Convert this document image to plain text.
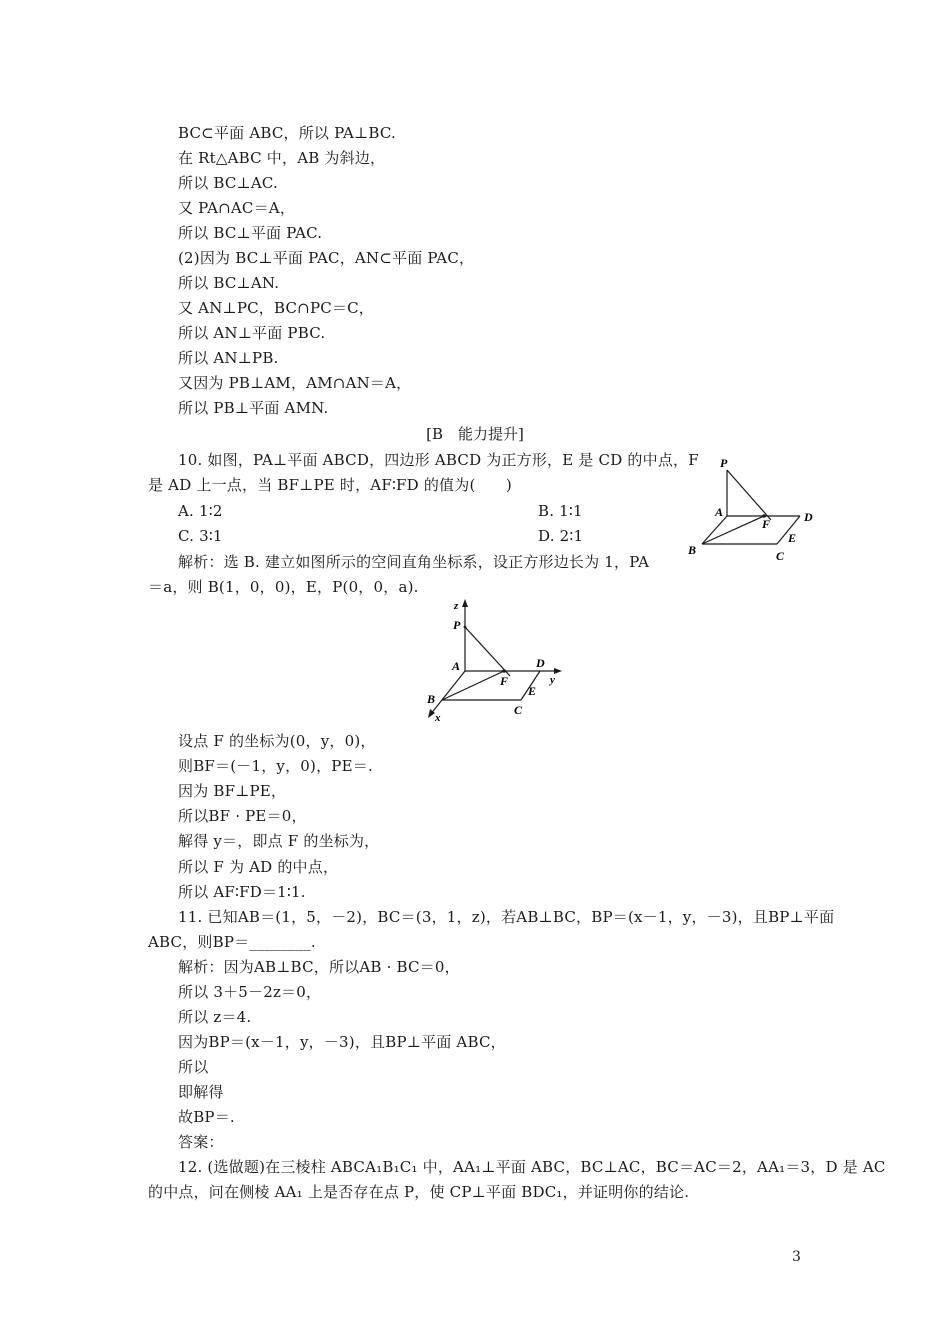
BC⊂平面 ABC，所以 PA⊥BC.
在 Rt△ABC 中，AB 为斜边，
所以 BC⊥AC.
又 PA∩AC＝A，
所以 BC⊥平面 PAC.
(2)因为 BC⊥平面 PAC，AN⊂平面 PAC，
所以 BC⊥AN.
又 AN⊥PC，BC∩PC＝C，
所以 AN⊥平面 PBC.
所以 AN⊥PB.
又因为 PB⊥AM，AM∩AN＝A，
所以 PB⊥平面 AMN.
[B　能力提升]
10. 如图，PA⊥平面 ABCD，四边形 ABCD 为正方形，E 是 CD 的中点，F
是 AD 上一点，当 BF⊥PE 时，AF∶FD 的值为(　　)
A. 1∶2	B. 1∶1
C. 3∶1	D. 2∶1
解析：选 B. 建立如图所示的空间直角坐标系，设正方形边长为 1，PA
＝a，则 B(1，0，0)，E，P(0，0，a).
P
A
F	D
E
B	C
z
P
A	D
y
F
E
B
C
x
设点 F 的坐标为(0，y，0)，
则BF＝(－1，y，0)，PE＝.
因为 BF⊥PE，
所以BF · PE＝0，
解得 y＝，即点 F 的坐标为，
所以 F 为 AD 的中点，
所以 AF∶FD＝1∶1.
11. 已知AB＝(1，5，－2)，BC＝(3，1，z)，若AB⊥BC，BP＝(x－1，y，－3)，且BP⊥平面
ABC，则BP＝________.
解析：因为AB⊥BC，所以AB · BC＝0，
所以 3＋5－2z＝0，
所以 z＝4.
因为BP＝(x－1，y，－3)，且BP⊥平面 ABC，
所以
即解得
故BP＝.
答案：
12. (选做题)在三棱柱 ABCA₁B₁C₁ 中，AA₁⊥平面 ABC，BC⊥AC，BC＝AC＝2，AA₁＝3，D 是 AC
的中点，问在侧棱 AA₁ 上是否存在点 P，使 CP⊥平面 BDC₁，并证明你的结论.
3
